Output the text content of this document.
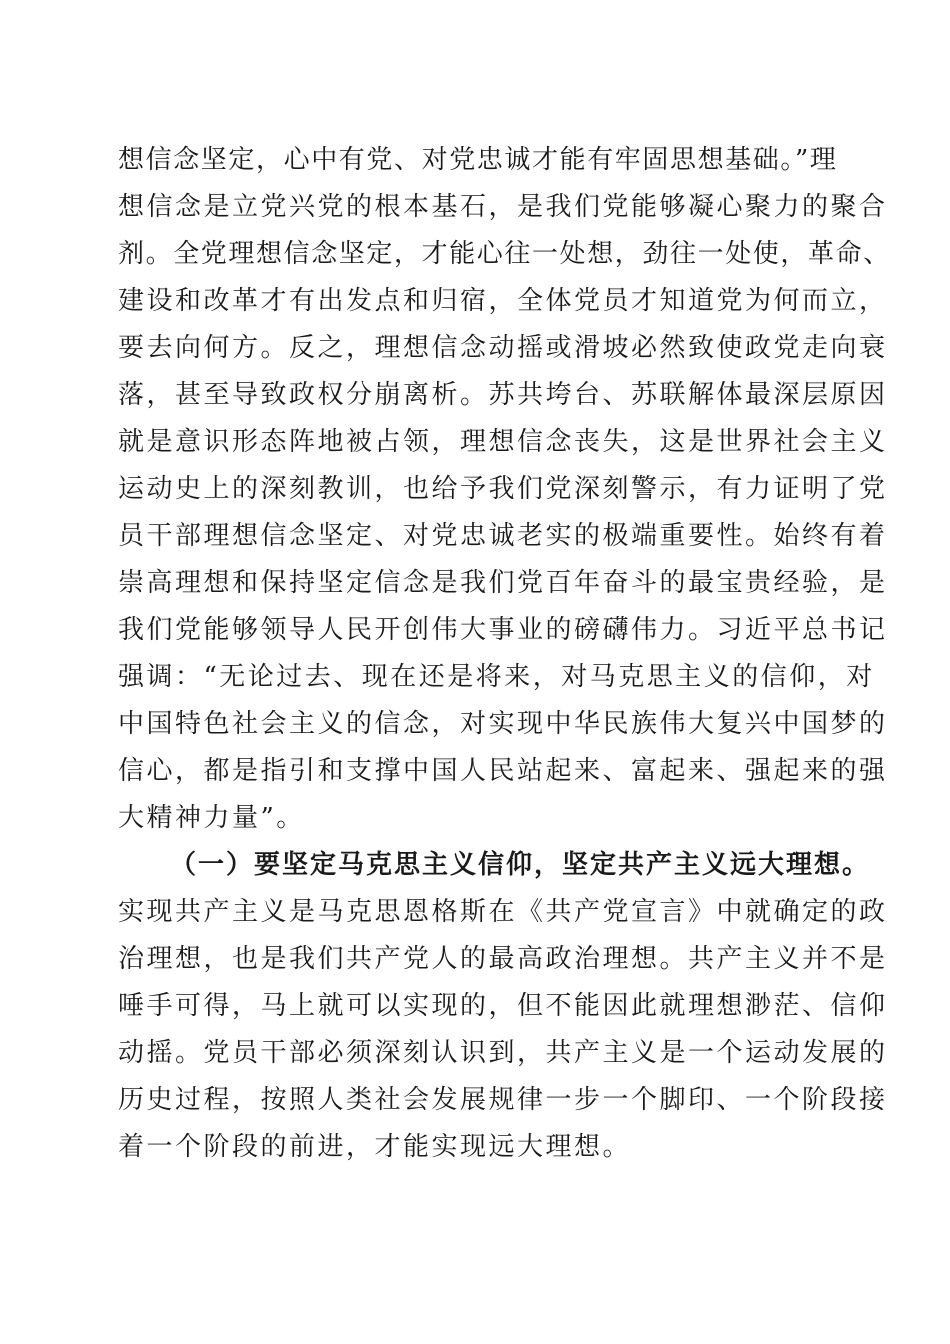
想信念坚定，心中有党、对党忠诚才能有牢固思想基础。”理
想信念是立党兴党的根本基石，是我们党能够凝心聚力的聚合
剂。全党理想信念坚定，才能心往一处想，劲往一处使，革命、
建设和改革才有出发点和归宿，全体党员才知道党为何而立，
要去向何方。反之，理想信念动摇或滑坡必然致使政党走向衰
落，甚至导致政权分崩离析。苏共垮台、苏联解体最深层原因
就是意识形态阵地被占领，理想信念丧失，这是世界社会主义
运动史上的深刻教训，也给予我们党深刻警示，有力证明了党
员干部理想信念坚定、对党忠诚老实的极端重要性。始终有着
崇高理想和保持坚定信念是我们党百年奋斗的最宝贵经验，是
我们党能够领导人民开创伟大事业的磅礴伟力。习近平总书记
强调：“无论过去、现在还是将来，对马克思主义的信仰，对
中国特色社会主义的信念，对实现中华民族伟大复兴中国梦的
信心，都是指引和支撑中国人民站起来、富起来、强起来的强
大精神力量”。
（一）要坚定马克思主义信仰，坚定共产主义远大理想。
实现共产主义是马克思恩格斯在《共产党宣言》中就确定的政
治理想，也是我们共产党人的最高政治理想。共产主义并不是
唾手可得，马上就可以实现的，但不能因此就理想渺茫、信仰
动摇。党员干部必须深刻认识到，共产主义是一个运动发展的
历史过程，按照人类社会发展规律一步一个脚印、一个阶段接
着一个阶段的前进，才能实现远大理想。
